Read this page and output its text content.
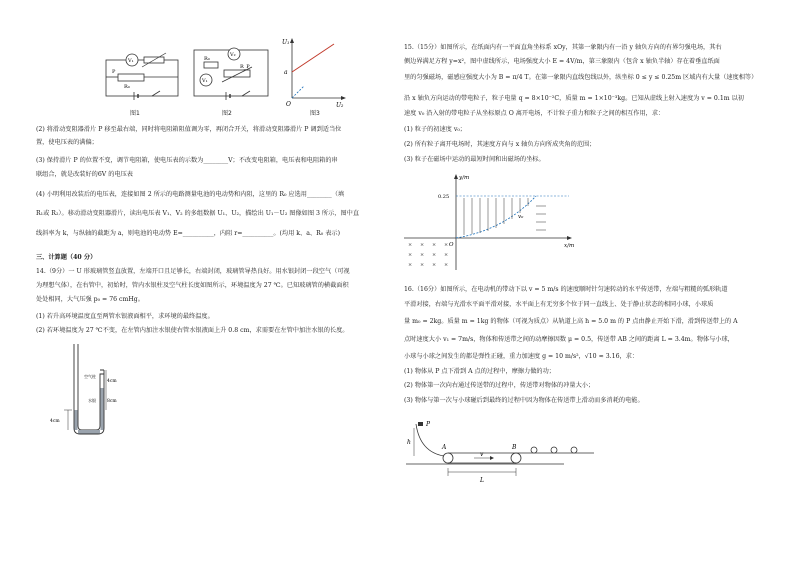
V₁
P
R₀
图1
R₀
V₂
V₁
R_P
图2
U₁
U₂
O
a
图3
(2) 将滑动变阻器滑片 P 移至最右端，同时将电阻箱阻值调为零，再闭合开关，将滑动变阻器滑片 P 调到适当位
置，使电压表的满偏；
(3) 保持滑片 P 的位置不变，调节电阻箱，使电压表的示数为________V；不改变电阻箱，电压表和电阻箱的串
联组合，就是改装好的6V 的电压表
(4) 小明利用改装后的电压表，连接如图 2 所示的电路测量电池的电动势和内阻，这里的 R₀ 应选用________（填
R₁或 R₂）。移动滑动变阻器滑片，读出电压表 V₁、V₂ 的多组数据 U₁、U₂，描绘出 U₁－U₂ 图像如图 3 所示，图中直
线斜率为 k，与纵轴的截距为 a，则电池的电动势 E=__________，内阻 r=__________。(均用 k、a、R₀ 表示)
三、计算题（40 分）
14.（9分）一 U 形玻璃管竖直放置，左端开口且足够长，右端封闭，玻璃管导热良好。用水银封闭一段空气（可视
为理想气体），在右管中，初始时，管内水银柱及空气柱长度如图所示，环境温度为 27 ℃。已知玻璃管的横截面积
处处相同，大气压强 p₀ = 76 cmHg。
(1) 若升高环境温度直至两管水银液面相平，求环境的最终温度。
(2) 若环境温度为 27 ℃不变，在左管内加注水银使右管水银液面上升 0.8 cm，求需要在左管中加注水银的长度。
空气柱
4cm
水银 8cm
4cm
15.（15分）如图所示，在纸面内有一平面直角坐标系 xOy，其第一象限内有一沿 y 轴负方向的有界匀强电场，其右
侧边界满足方程 y=x²，图中虚线所示，电场强度大小 E = 4V/m，第三象限内（包含 x 轴负半轴）存在着垂直纸面
里的匀强磁场，磁感应强度大小为 B = π/4 T。在第一象限内直线包线以外，纵坐标 0 ≤ y ≤ 0.25m 区域内有大量（速度相等）
沿 x 轴负方向运动的带电粒子，粒子电量 q = 8×10⁻²C，质量 m = 1×10⁻³kg。已知从虚线上射入速度为 v = 0.1m 以初
速度 v₀ 沿入射的带电粒子从坐标原点 O 离开电场，不计粒子重力和粒子之间的相互作用，求：
(1) 粒子的初速度 v₀；
(2) 所有粒子离开电场时，其速度方向与 x 轴负方向所成夹角的范围；
(3) 粒子在磁场中运动的最短时间和出磁场的坐标。
× × × ×
× × × ×
× × × ×
y/m
x/m
O
0.25
v₀
16.（16分）如图所示，在电动机的带动下以 v = 5 m/s 的速度顺时针匀速转动的水平传送带，左端与粗糙的弧形轨道
平滑对接，右端与光滑水平面平滑对接，水平面上有无穷多个位于同一直线上、处于静止状态的相同小球，小球质
量 m₀ = 2kg。质量 m = 1kg 的物体（可视为质点）从轨道上高 h = 5.0 m 的 P 点由静止开始下滑，滑到传送带上的 A
点时速度大小 v₁ = 7m/s，物体和传送带之间的动摩擦因数 μ = 0.5，传送带 AB 之间的距离 L = 3.4m。物体与小球，
小球与小球之间发生的都是弹性正碰，重力加速度 g = 10 m/s²，√10 ≈ 3.16，求：
(1) 物体从 P 点下滑到 A 点的过程中，摩擦力做的功；
(2) 物体第一次向右通过传送带的过程中，传送带对物体的冲量大小；
(3) 物体与第一次与小球碰后到最终的过程中因为物体在传送带上滑动而多消耗的电能。
P
h
A	B
v
L
